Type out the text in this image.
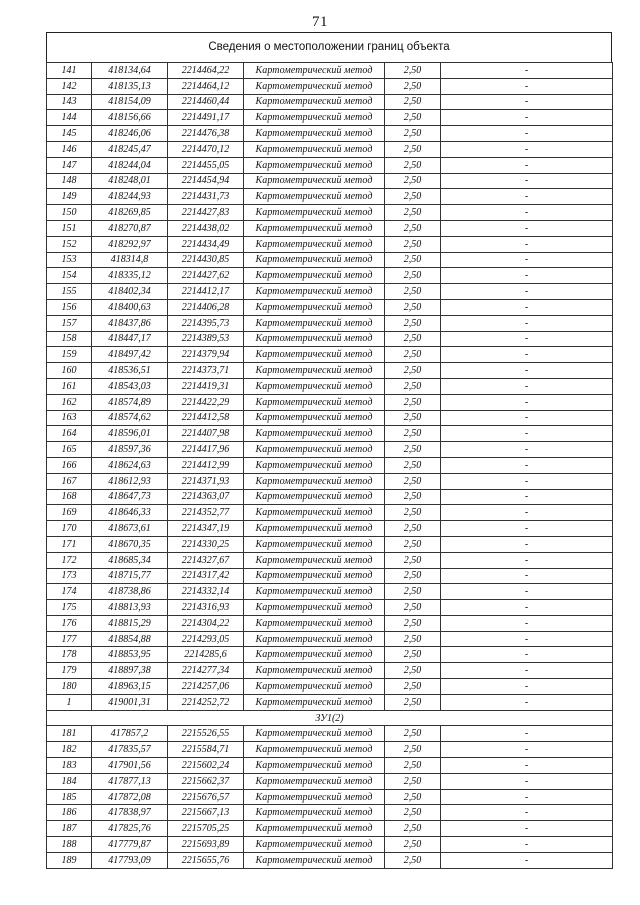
71
Сведения о местоположении границ объекта
141	418134,64	2214464,22	Картометрический метод	2,50	-
142	418135,13	2214464,12	Картометрический метод	2,50	-
143	418154,09	2214460,44	Картометрический метод	2,50	-
144	418156,66	2214491,17	Картометрический метод	2,50	-
145	418246,06	2214476,38	Картометрический метод	2,50	-
146	418245,47	2214470,12	Картометрический метод	2,50	-
147	418244,04	2214455,05	Картометрический метод	2,50	-
148	418248,01	2214454,94	Картометрический метод	2,50	-
149	418244,93	2214431,73	Картометрический метод	2,50	-
150	418269,85	2214427,83	Картометрический метод	2,50	-
151	418270,87	2214438,02	Картометрический метод	2,50	-
152	418292,97	2214434,49	Картометрический метод	2,50	-
153	418314,8	2214430,85	Картометрический метод	2,50	-
154	418335,12	2214427,62	Картометрический метод	2,50	-
155	418402,34	2214412,17	Картометрический метод	2,50	-
156	418400,63	2214406,28	Картометрический метод	2,50	-
157	418437,86	2214395,73	Картометрический метод	2,50	-
158	418447,17	2214389,53	Картометрический метод	2,50	-
159	418497,42	2214379,94	Картометрический метод	2,50	-
160	418536,51	2214373,71	Картометрический метод	2,50	-
161	418543,03	2214419,31	Картометрический метод	2,50	-
162	418574,89	2214422,29	Картометрический метод	2,50	-
163	418574,62	2214412,58	Картометрический метод	2,50	-
164	418596,01	2214407,98	Картометрический метод	2,50	-
165	418597,36	2214417,96	Картометрический метод	2,50	-
166	418624,63	2214412,99	Картометрический метод	2,50	-
167	418612,93	2214371,93	Картометрический метод	2,50	-
168	418647,73	2214363,07	Картометрический метод	2,50	-
169	418646,33	2214352,77	Картометрический метод	2,50	-
170	418673,61	2214347,19	Картометрический метод	2,50	-
171	418670,35	2214330,25	Картометрический метод	2,50	-
172	418685,34	2214327,67	Картометрический метод	2,50	-
173	418715,77	2214317,42	Картометрический метод	2,50	-
174	418738,86	2214332,14	Картометрический метод	2,50	-
175	418813,93	2214316,93	Картометрический метод	2,50	-
176	418815,29	2214304,22	Картометрический метод	2,50	-
177	418854,88	2214293,05	Картометрический метод	2,50	-
178	418853,95	2214285,6	Картометрический метод	2,50	-
179	418897,38	2214277,34	Картометрический метод	2,50	-
180	418963,15	2214257,06	Картометрический метод	2,50	-
1	419001,31	2214252,72	Картометрический метод	2,50	-
ЗУ1(2)					
181	417857,2	2215526,55	Картометрический метод	2,50	-
182	417835,57	2215584,71	Картометрический метод	2,50	-
183	417901,56	2215602,24	Картометрический метод	2,50	-
184	417877,13	2215662,37	Картометрический метод	2,50	-
185	417872,08	2215676,57	Картометрический метод	2,50	-
186	417838,97	2215667,13	Картометрический метод	2,50	-
187	417825,76	2215705,25	Картометрический метод	2,50	-
188	417779,87	2215693,89	Картометрический метод	2,50	-
189	417793,09	2215655,76	Картометрический метод	2,50	-
